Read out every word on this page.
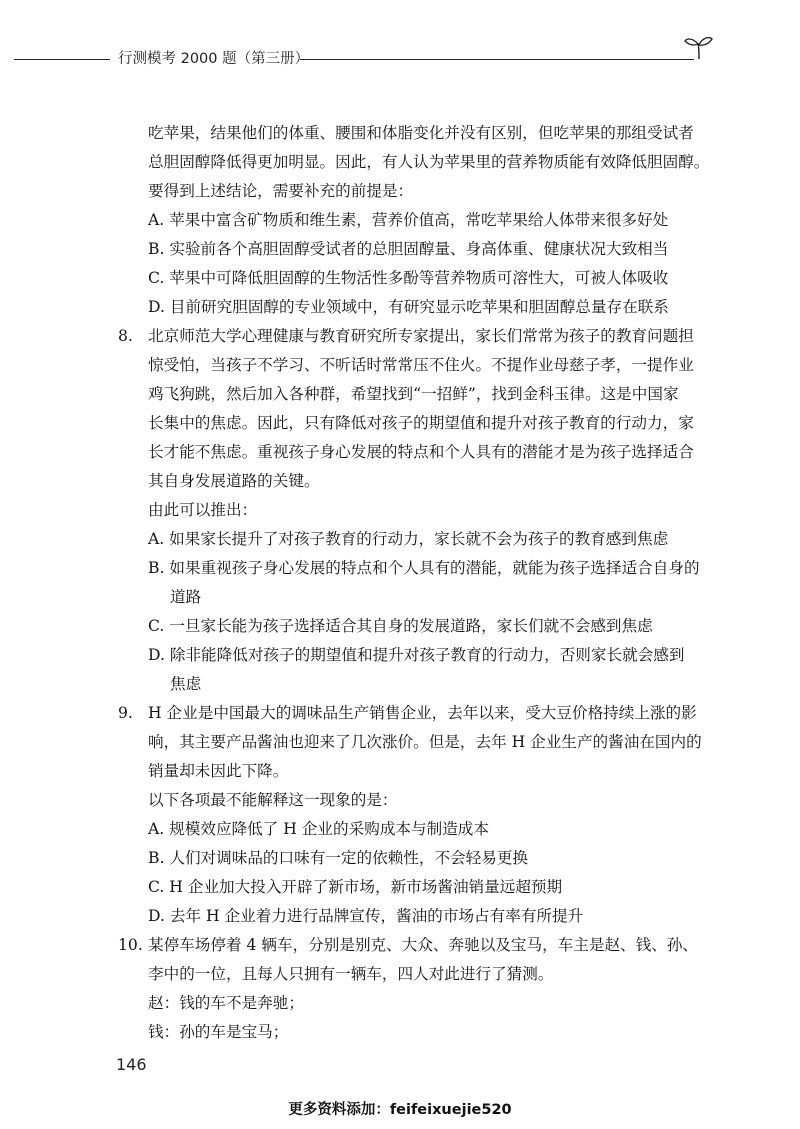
行测模考 2000 题（第三册）
吃苹果，结果他们的体重、腰围和体脂变化并没有区别，但吃苹果的那组受试者
总胆固醇降低得更加明显。因此，有人认为苹果里的营养物质能有效降低胆固醇。
要得到上述结论，需要补充的前提是：
A. 苹果中富含矿物质和维生素，营养价值高，常吃苹果给人体带来很多好处
B. 实验前各个高胆固醇受试者的总胆固醇量、身高体重、健康状况大致相当
C. 苹果中可降低胆固醇的生物活性多酚等营养物质可溶性大，可被人体吸收
D. 目前研究胆固醇的专业领域中，有研究显示吃苹果和胆固醇总量存在联系
8. 北京师范大学心理健康与教育研究所专家提出，家长们常常为孩子的教育问题担
惊受怕，当孩子不学习、不听话时常常压不住火。不提作业母慈子孝，一提作业
鸡飞狗跳，然后加入各种群，希望找到“一招鲜”，找到金科玉律。这是中国家
长集中的焦虑。因此，只有降低对孩子的期望值和提升对孩子教育的行动力，家
长才能不焦虑。重视孩子身心发展的特点和个人具有的潜能才是为孩子选择适合
其自身发展道路的关键。
由此可以推出：
A. 如果家长提升了对孩子教育的行动力，家长就不会为孩子的教育感到焦虑
B. 如果重视孩子身心发展的特点和个人具有的潜能，就能为孩子选择适合自身的
道路
C. 一旦家长能为孩子选择适合其自身的发展道路，家长们就不会感到焦虑
D. 除非能降低对孩子的期望值和提升对孩子教育的行动力，否则家长就会感到
焦虑
9. H 企业是中国最大的调味品生产销售企业，去年以来，受大豆价格持续上涨的影
响，其主要产品酱油也迎来了几次涨价。但是，去年 H 企业生产的酱油在国内的
销量却未因此下降。
以下各项最不能解释这一现象的是：
A. 规模效应降低了 H 企业的采购成本与制造成本
B. 人们对调味品的口味有一定的依赖性，不会轻易更换
C. H 企业加大投入开辟了新市场，新市场酱油销量远超预期
D. 去年 H 企业着力进行品牌宣传，酱油的市场占有率有所提升
10. 某停车场停着 4 辆车，分别是别克、大众、奔驰以及宝马，车主是赵、钱、孙、
李中的一位，且每人只拥有一辆车，四人对此进行了猜测。
赵：钱的车不是奔驰；
钱：孙的车是宝马；
146
更多资料添加：feifeixuejie520
